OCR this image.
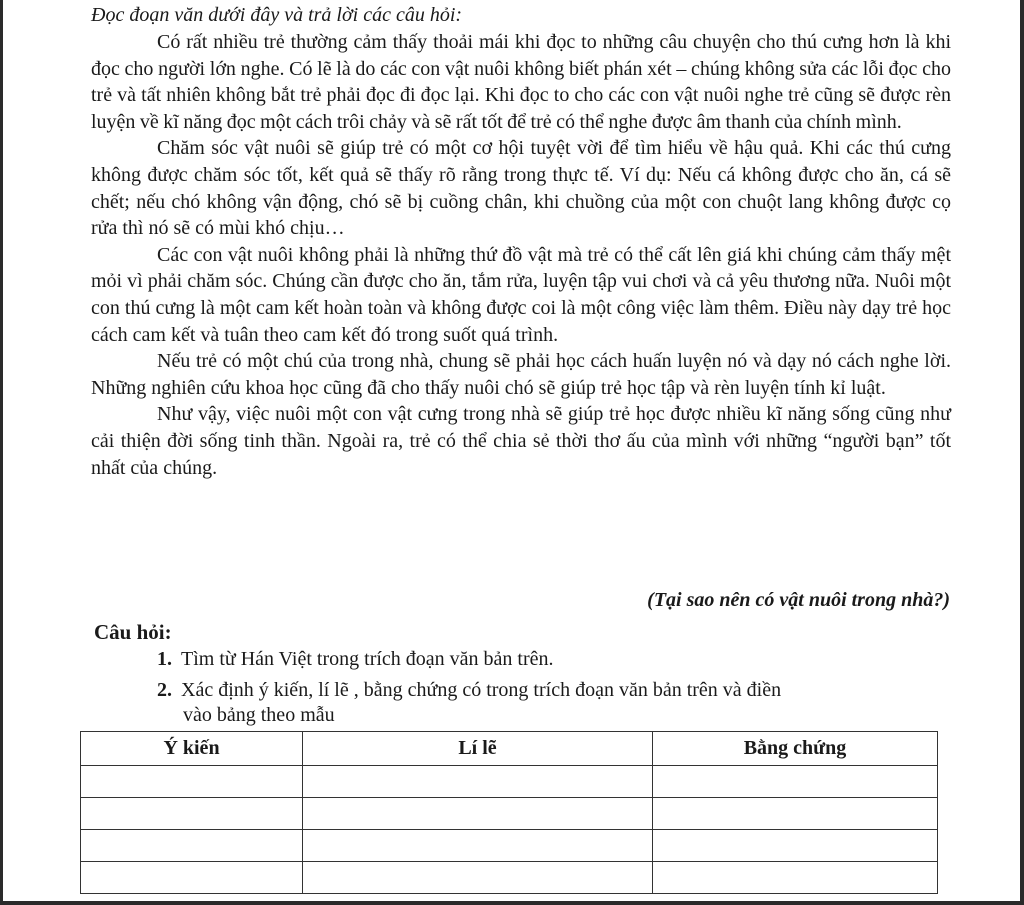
Đọc đoạn văn dưới đây và trả lời các câu hỏi:

Có rất nhiều trẻ thường cảm thấy thoải mái khi đọc to những câu chuyện cho thú cưng hơn là khi đọc cho người lớn nghe. Có lẽ là do các con vật nuôi không biết phán xét – chúng không sửa các lỗi đọc cho trẻ và tất nhiên không bắt trẻ phải đọc đi đọc lại. Khi đọc to cho các con vật nuôi nghe trẻ cũng sẽ được rèn luyện về kĩ năng đọc một cách trôi chảy và sẽ rất tốt để trẻ có thể nghe được âm thanh của chính mình.

Chăm sóc vật nuôi sẽ giúp trẻ có một cơ hội tuyệt vời để tìm hiểu về hậu quả. Khi các thú cưng không được chăm sóc tốt, kết quả sẽ thấy rõ rằng trong thực tế. Ví dụ: Nếu cá không được cho ăn, cá sẽ chết; nếu chó không vận động, chó sẽ bị cuồng chân, khi chuồng của một con chuột lang không được cọ rửa thì nó sẽ có mùi khó chịu…

Các con vật nuôi không phải là những thứ đồ vật mà trẻ có thể cất lên giá khi chúng cảm thấy mệt mỏi vì phải chăm sóc. Chúng cần được cho ăn, tắm rửa, luyện tập vui chơi và cả yêu thương nữa. Nuôi một con thú cưng là một cam kết hoàn toàn và không được coi là một công việc làm thêm. Điều này dạy trẻ học cách cam kết và tuân theo cam kết đó trong suốt quá trình.

Nếu trẻ có một chú của trong nhà, chung sẽ phải học cách huấn luyện nó và dạy nó cách nghe lời. Những nghiên cứu khoa học cũng đã cho thấy nuôi chó sẽ giúp trẻ học tập và rèn luyện tính kỉ luật.

Như vậy, việc nuôi một con vật cưng trong nhà sẽ giúp trẻ học được nhiều kĩ năng sống cũng như cải thiện đời sống tinh thần. Ngoài ra, trẻ có thể chia sẻ thời thơ ấu của mình với những “người bạn” tốt nhất của chúng.

(Tại sao nên có vật nuôi trong nhà?)

Câu hỏi:

1. Tìm từ Hán Việt trong trích đoạn văn bản trên.

2. Xác định ý kiến, lí lẽ , bằng chứng có trong trích đoạn văn bản trên và điền

vào bảng theo mẫu

Ý kiến	Lí lẽ	Bằng chứng
